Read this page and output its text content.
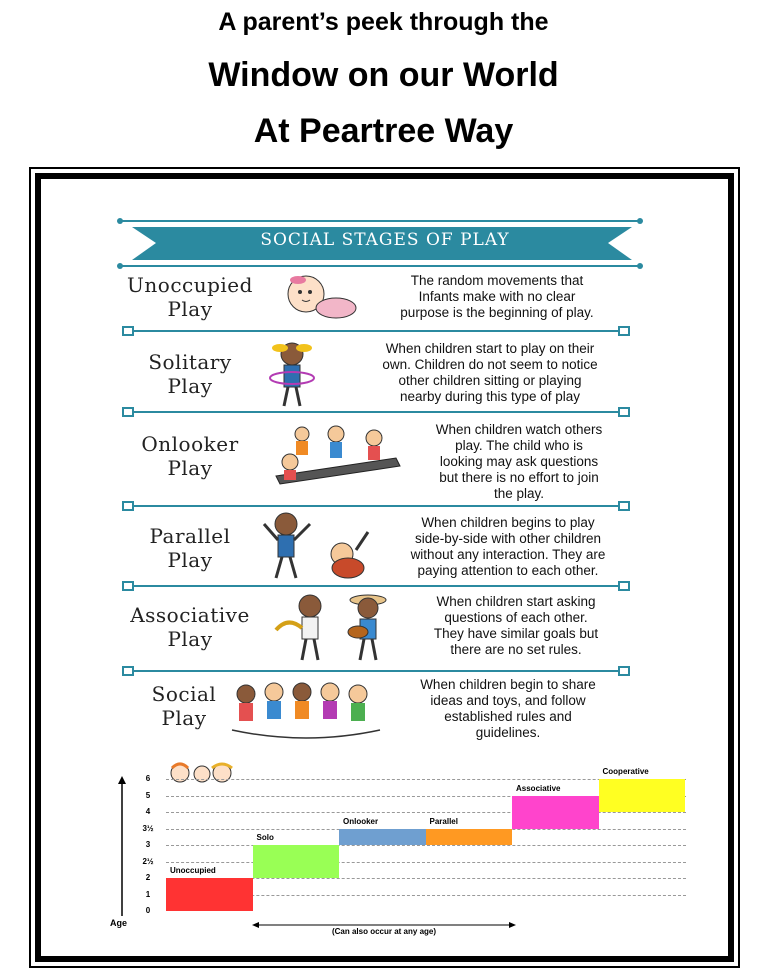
A parent’s peek through the
Window on our World
At Peartree Way
SOCIAL STAGES OF PLAY
Unoccupied
Play
The random movements that
Infants make with no clear
purpose is the beginning of play.
Solitary
Play
When children start to play on their
own. Children do not seem to notice
other children sitting or playing
nearby during this type of play
Onlooker
Play
When children watch others
play. The child who is
looking may ask questions
but there is no effort to join
the play.
Parallel
Play
When children begins to play
side-by-side with other children
without any interaction. They are
paying attention to each other.
Associative
Play
When children start asking
questions of each other.
They have similar goals but
there are no set rules.
Social
Play
When children begin to share
ideas and toys, and follow
established rules and
guidelines.
Age
(Can also occur at any age)
0
1
2
2½
3
3½
4
5
6
Unoccupied
Solo
Onlooker	Parallel
Associative
Cooperative
